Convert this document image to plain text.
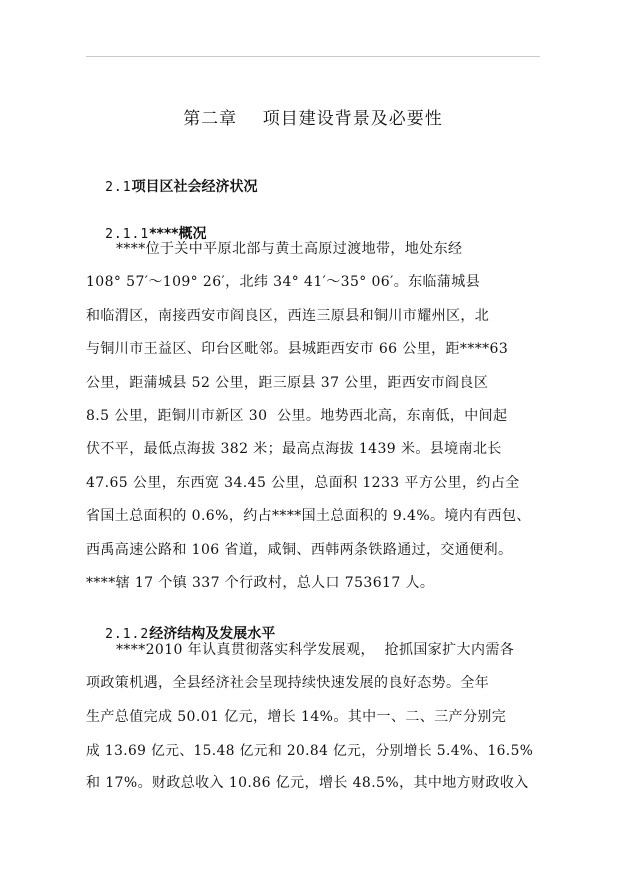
第二章    项目建设背景及必要性

2.1项目区社会经济状况

2.1.1****概况

****位于关中平原北部与黄土高原过渡地带，地处东经
108° 57′～109° 26′，北纬 34° 41′～35° 06′。东临蒲城县
和临渭区，南接西安市阎良区，西连三原县和铜川市耀州区，北
与铜川市王益区、印台区毗邻。县城距西安市 66 公里，距****63
公里，距蒲城县 52 公里，距三原县 37 公里，距西安市阎良区
8.5 公里，距铜川市新区 30  公里。地势西北高，东南低，中间起
伏不平，最低点海拔 382 米；最高点海拔 1439 米。县境南北长
47.65 公里，东西宽 34.45 公里，总面积 1233 平方公里，约占全
省国土总面积的 0.6%，约占****国土总面积的 9.4%。境内有西包、
西禹高速公路和 106 省道，咸铜、西韩两条铁路通过，交通便利。
****辖 17 个镇 337 个行政村，总人口 753617 人。

2.1.2经济结构及发展水平

****2010 年认真贯彻落实科学发展观，  抢抓国家扩大内需各
项政策机遇，全县经济社会呈现持续快速发展的良好态势。全年
生产总值完成 50.01 亿元，增长 14%。其中一、二、三产分别完
成 13.69 亿元、15.48 亿元和 20.84 亿元，分别增长 5.4%、16.5%
和 17%。财政总收入 10.86 亿元，增长 48.5%，其中地方财政收入
